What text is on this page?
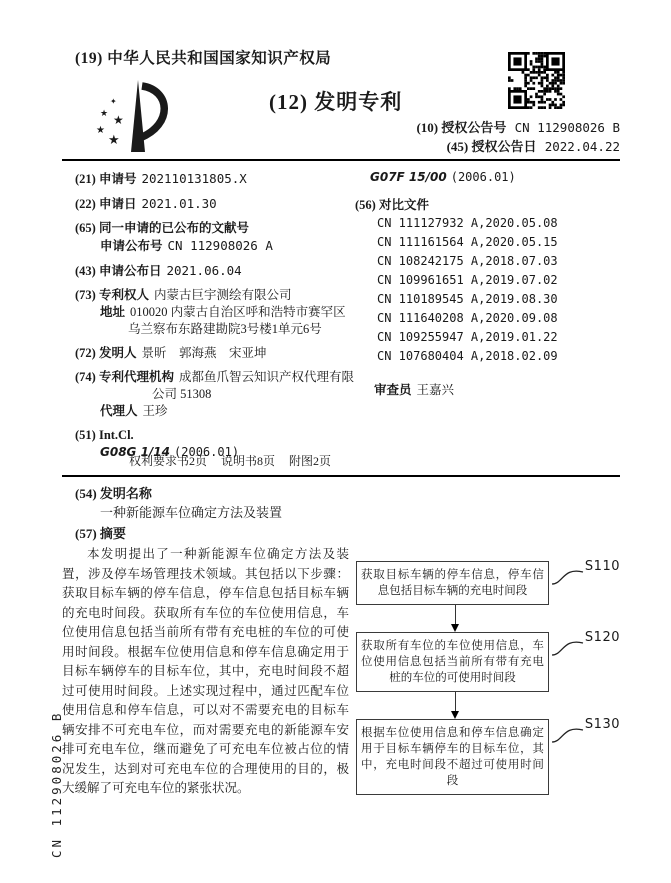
CN 112908026 B
(19) 中华人民共和国国家知识产权局
✦
★ ★
★
★
(12) 发明专利
(10) 授权公告号 CN 112908026 B
(45) 授权公告日 2022.04.22
(21) 申请号 202110131805.X
(22) 申请日 2021.01.30
(65) 同一申请的已公布的文献号
申请公布号 CN 112908026 A
(43) 申请公布日 2021.06.04
(73) 专利权人 内蒙古巨宇测绘有限公司
地址 010020 内蒙古自治区呼和浩特市赛罕区乌兰察布东路建勘院3号楼1单元6号
(72) 发明人 景昕　郭海燕　宋亚坤
(74) 专利代理机构 成都鱼爪智云知识产权代理有限公司 51308
代理人 王珍
(51) Int.Cl.
G08G 1/14 (2006.01)
G07F 15/00 (2006.01)
(56) 对比文件
CN 111127932 A,2020.05.08
CN 111161564 A,2020.05.15
CN 108242175 A,2018.07.03
CN 109961651 A,2019.07.02
CN 110189545 A,2019.08.30
CN 111640208 A,2020.09.08
CN 109255947 A,2019.01.22
CN 107680404 A,2018.02.09
审查员 王嘉兴
权利要求书2页 说明书8页 附图2页
(54) 发明名称
一种新能源车位确定方法及装置
(57) 摘要
本发明提出了一种新能源车位确定方法及装置，涉及停车场管理技术领域。其包括以下步骤：获取目标车辆的停车信息，停车信息包括目标车辆的充电时间段。获取所有车位的车位使用信息，车位使用信息包括当前所有带有充电桩的车位的可使用时间段。根据车位使用信息和停车信息确定用于目标车辆停车的目标车位，其中，充电时间段不超过可使用时间段。上述实现过程中，通过匹配车位使用信息和停车信息，可以对不需要充电的目标车辆安排不可充电车位，而对需要充电的新能源车安排可充电车位，继而避免了可充电车位被占位的情况发生，达到对可充电车位的合理使用的目的，极大缓解了可充电车位的紧张状况。
获取目标车辆的停车信息，停车信息包括目标车辆的充电时间段
S110
获取所有车位的车位使用信息，车位使用信息包括当前所有带有充电桩的车位的可使用时间段
S120
根据车位使用信息和停车信息确定用于目标车辆停车的目标车位，其中，充电时间段不超过可使用时间段
S130
